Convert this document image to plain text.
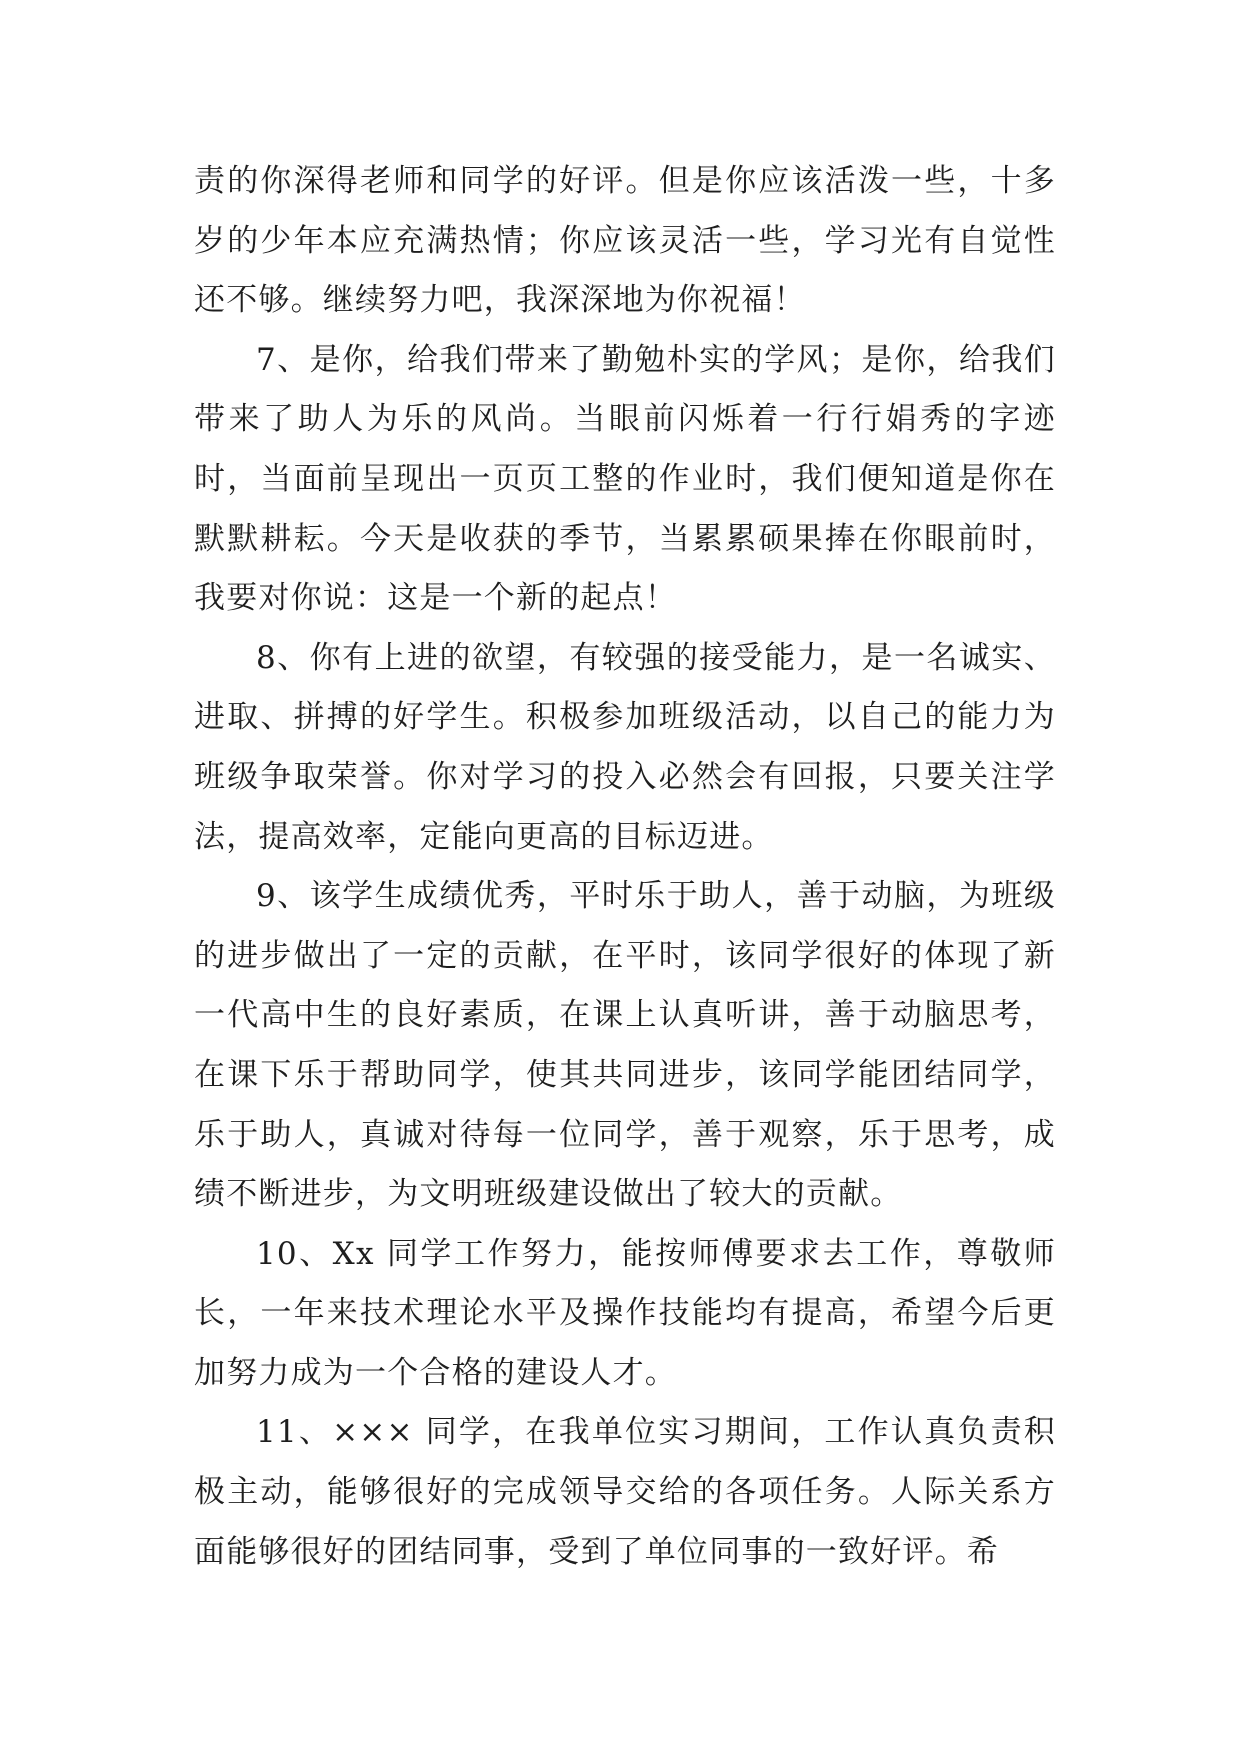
责的你深得老师和同学的好评。但是你应该活泼一些，十多岁的少年本应充满热情；你应该灵活一些，学习光有自觉性还不够。继续努力吧，我深深地为你祝福！

7、是你，给我们带来了勤勉朴实的学风；是你，给我们带来了助人为乐的风尚。当眼前闪烁着一行行娟秀的字迹时，当面前呈现出一页页工整的作业时，我们便知道是你在默默耕耘。今天是收获的季节，当累累硕果捧在你眼前时，我要对你说：这是一个新的起点！

8、你有上进的欲望，有较强的接受能力，是一名诚实、进取、拼搏的好学生。积极参加班级活动，以自己的能力为班级争取荣誉。你对学习的投入必然会有回报，只要关注学法，提高效率，定能向更高的目标迈进。

9、该学生成绩优秀，平时乐于助人，善于动脑，为班级的进步做出了一定的贡献，在平时，该同学很好的体现了新一代高中生的良好素质，在课上认真听讲，善于动脑思考，在课下乐于帮助同学，使其共同进步，该同学能团结同学，乐于助人，真诚对待每一位同学，善于观察，乐于思考，成绩不断进步，为文明班级建设做出了较大的贡献。

10、Xx 同学工作努力，能按师傅要求去工作，尊敬师长，一年来技术理论水平及操作技能均有提高，希望今后更加努力成为一个合格的建设人才。

11、××× 同学，在我单位实习期间，工作认真负责积极主动，能够很好的完成领导交给的各项任务。人际关系方面能够很好的团结同事，受到了单位同事的一致好评。希
